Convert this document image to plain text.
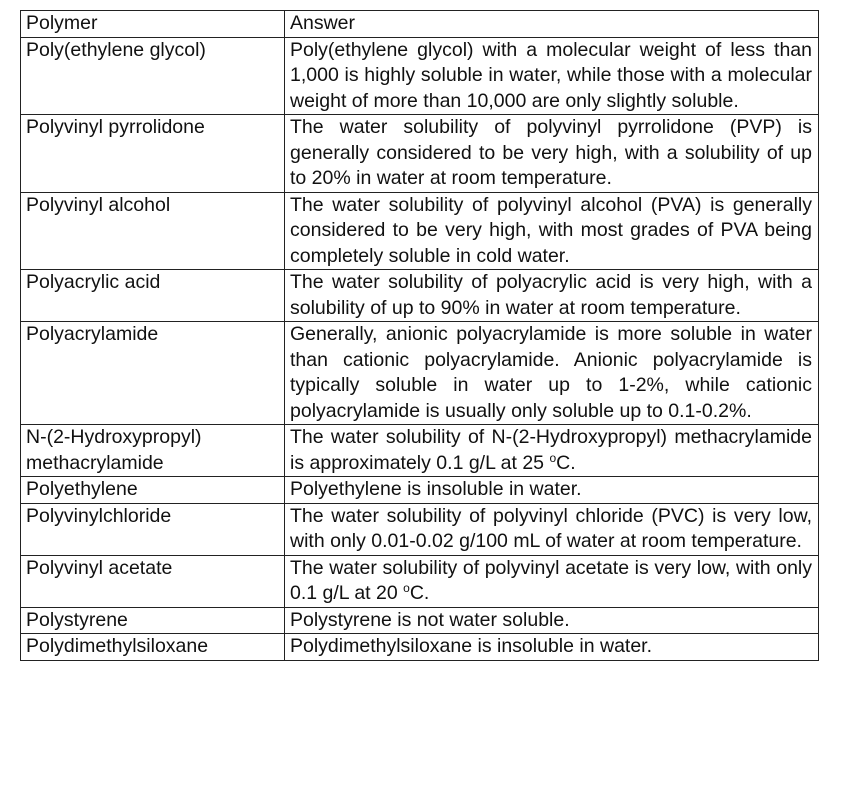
Polymer	Answer
Poly(ethylene glycol)	Poly(ethylene glycol) with a molecular weight of less than 1,000 is highly soluble in water, while those with a molecular weight of more than 10,000 are only slightly soluble.
Polyvinyl pyrrolidone	The water solubility of polyvinyl pyrrolidone (PVP) is generally considered to be very high, with a solubility of up to 20% in water at room temperature.
Polyvinyl alcohol	The water solubility of polyvinyl alcohol (PVA) is generally considered to be very high, with most grades of PVA being completely soluble in cold water.
Polyacrylic acid	The water solubility of polyacrylic acid is very high, with a solubility of up to 90% in water at room temperature.
Polyacrylamide	Generally, anionic polyacrylamide is more soluble in water than cationic polyacrylamide. Anionic polyacrylamide is typically soluble in water up to 1-2%, while cationic polyacrylamide is usually only soluble up to 0.1-0.2%.
N-(2-Hydroxypropyl) methacrylamide	The water solubility of N-(2-Hydroxypropyl) methacrylamide is approximately 0.1 g/L at 25 $^o$C.
Polyethylene	Polyethylene is insoluble in water.
Polyvinylchloride	The water solubility of polyvinyl chloride (PVC) is very low, with only 0.01-0.02 g/100 mL of water at room temperature.
Polyvinyl acetate	The water solubility of polyvinyl acetate is very low, with only 0.1 g/L at 20 $^o$C.
Polystyrene	Polystyrene is not water soluble.
Polydimethylsiloxane	Polydimethylsiloxane is insoluble in water.
